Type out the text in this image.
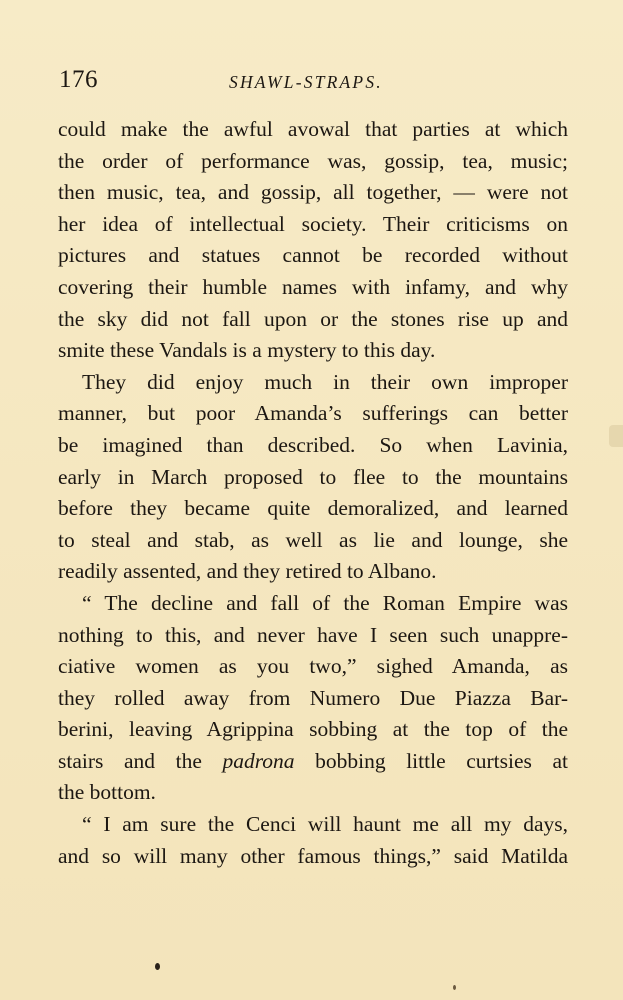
176	SHAWL-STRAPS.
could make the awful avowal that parties at which
the order of performance was, gossip, tea, music;
then music, tea, and gossip, all together, — were not
her idea of intellectual society. Their criticisms on
pictures and statues cannot be recorded without
covering their humble names with infamy, and why
the sky did not fall upon or the stones rise up and
smite these Vandals is a mystery to this day.
They did enjoy much in their own improper
manner, but poor Amanda’s sufferings can better
be imagined than described. So when Lavinia,
early in March proposed to flee to the mountains
before they became quite demoralized, and learned
to steal and stab, as well as lie and lounge, she
readily assented, and they retired to Albano.
“ The decline and fall of the Roman Empire was
nothing to this, and never have I seen such unappre-
ciative women as you two,” sighed Amanda, as
they rolled away from Numero Due Piazza Bar-
berini, leaving Agrippina sobbing at the top of the
stairs and the padrona bobbing little curtsies at
the bottom.
“ I am sure the Cenci will haunt me all my days,
and so will many other famous things,” said Matilda
